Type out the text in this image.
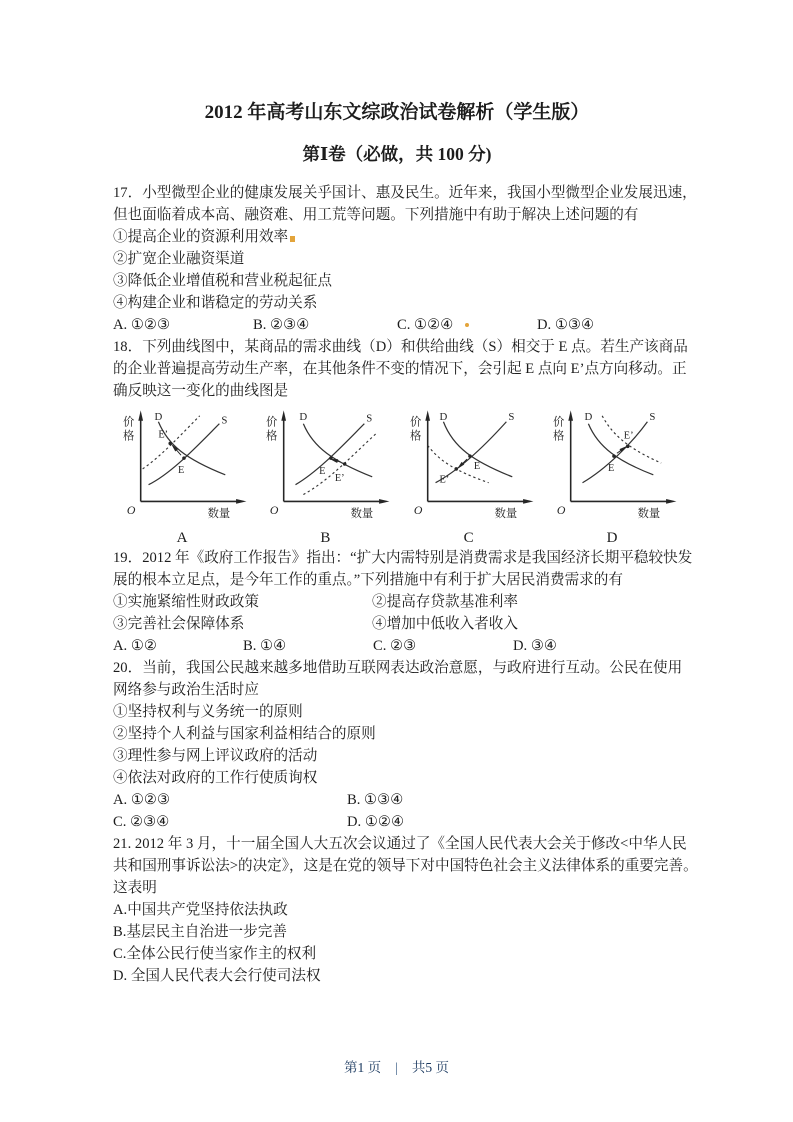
2012 年高考山东文综政治试卷解析（学生版）
第Ⅰ卷（必做，共 100 分)
17．小型微型企业的健康发展关乎国计、惠及民生。近年来，我国小型微型企业发展迅速，
但也面临着成本高、融资难、用工荒等问题。下列措施中有助于解决上述问题的有
①提高企业的资源利用效率
②扩宽企业融资渠道
③降低企业增值税和营业税起征点
④构建企业和谐稳定的劳动关系
A. ①②③	B. ②③④	C. ①②④	D. ①③④
18．下列曲线图中，某商品的需求曲线（D）和供给曲线（S）相交于 E 点。若生产该商品
的企业普遍提高劳动生产率，在其他条件不变的情况下，会引起 E 点向 E’点方向移动。正
确反映这一变化的曲线图是
价
格
O	数量
D	S
E
E’
A
价
格
O	数量
D	S
E
E’
B
价
格
O	数量
D	S
E
E’
C
价
格
O	数量
D	S
E
E’
D
19．2012 年《政府工作报告》指出：“扩大内需特别是消费需求是我国经济长期平稳较快发
展的根本立足点，是今年工作的重点。”下列措施中有利于扩大居民消费需求的有
①实施紧缩性财政政策	②提高存贷款基准利率
③完善社会保障体系	④增加中低收入者收入
A. ①②	B. ①④	C. ②③	D. ③④
20．当前，我国公民越来越多地借助互联网表达政治意愿，与政府进行互动。公民在使用
网络参与政治生活时应
①坚持权利与义务统一的原则
②坚持个人利益与国家利益相结合的原则
③理性参与网上评议政府的活动
④依法对政府的工作行使质询权
A. ①②③	B. ①③④
C. ②③④	D. ①②④
21. 2012 年 3 月，十一届全国人大五次会议通过了《全国人民代表大会关于修改<中华人民
共和国刑事诉讼法>的决定》，这是在党的领导下对中国特色社会主义法律体系的重要完善。
这表明
A.中国共产党坚持依法执政
B.基层民主自治进一步完善
C.全体公民行使当家作主的权利
D. 全国人民代表大会行使司法权
第1 页 | 共5 页
